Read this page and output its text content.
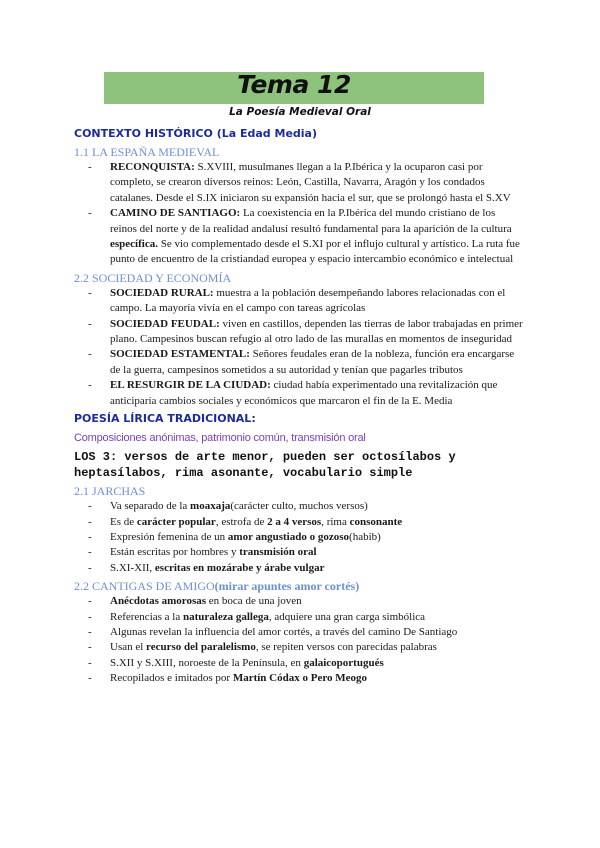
Tema 12
La Poesía Medieval Oral
CONTEXTO HISTÓRICO (La Edad Media)
1.1 LA ESPAÑA MEDIEVAL
- RECONQUISTA: S.XVIII, musulmanes llegan a la P.Ibérica y la ocuparon casi por completo, se crearon diversos reinos: León, Castilla, Navarra, Aragón y los condados catalanes. Desde el S.IX iniciaron su expansión hacia el sur, que se prolongó hasta el S.XV
- CAMINO DE SANTIAGO: La coexistencia en la P.Ibérica del mundo cristiano de los reinos del norte y de la realidad andalusí resultó fundamental para la aparición de la cultura específica. Se vio complementado desde el S.XI por el influjo cultural y artístico. La ruta fue punto de encuentro de la cristiandad europea y espacio intercambio económico e intelectual
2.2 SOCIEDAD Y ECONOMÍA
- SOCIEDAD RURAL: muestra a la población desempeñando labores relacionadas con el campo. La mayoría vivía en el campo con tareas agrícolas
- SOCIEDAD FEUDAL: viven en castillos, dependen las tierras de labor trabajadas en primer plano. Campesinos buscan refugio al otro lado de las murallas en momentos de inseguridad
- SOCIEDAD ESTAMENTAL: Señores feudales eran de la nobleza, función era encargarse de la guerra, campesinos sometidos a su autoridad y tenían que pagarles tributos
- EL RESURGIR DE LA CIUDAD: ciudad había experimentado una revitalización que anticiparía cambios sociales y económicos que marcaron el fin de la E. Media
POESÍA LÍRICA TRADICIONAL:
Composiciones anónimas, patrimonio común, transmisión oral
LOS 3: versos de arte menor, pueden ser octosílabos y
heptasílabos, rima asonante, vocabulario simple
2.1 JARCHAS
- Va separado de la moaxaja(carácter culto, muchos versos)
- Es de carácter popular, estrofa de 2 a 4 versos, rima consonante
- Expresión femenina de un amor angustiado o gozoso(habib)
- Están escritas por hombres y transmisión oral
- S.XI-XII, escritas en mozárabe y árabe vulgar
2.2 CANTIGAS DE AMIGO(mirar apuntes amor cortés)
- Anécdotas amorosas en boca de una joven
- Referencias a la naturaleza gallega, adquiere una gran carga simbólica
- Algunas revelan la influencia del amor cortés, a través del camino De Santiago
- Usan el recurso del paralelismo, se repiten versos con parecidas palabras
- S.XII y S.XIII, noroeste de la Península, en galaicoportugués
- Recopilados e imitados por Martín Códax o Pero Meogo
